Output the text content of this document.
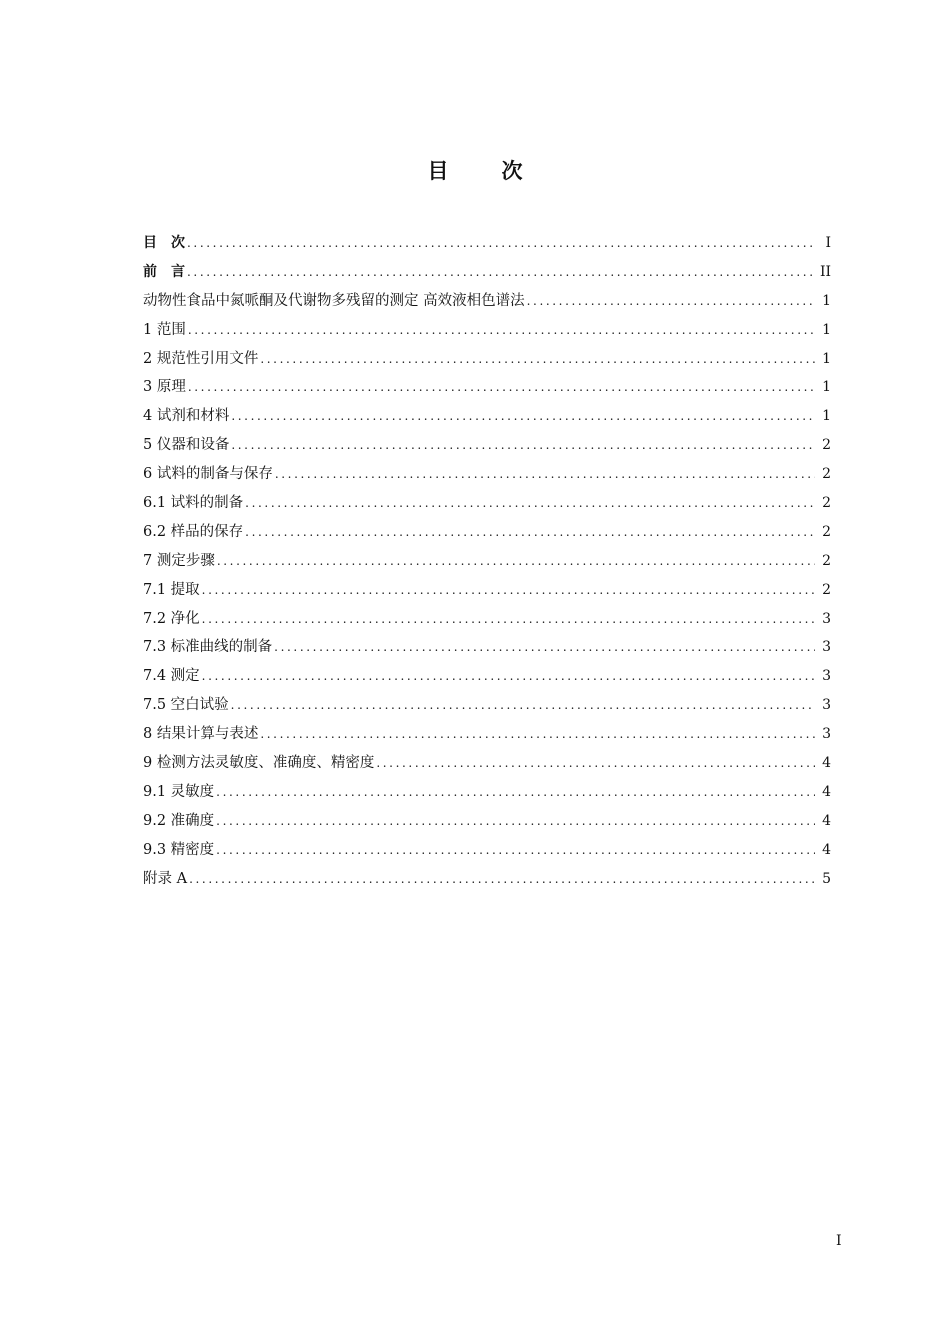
目　次
目　次 .....	I
前　言 .....	II
动物性食品中氮哌酮及代谢物多残留的测定 高效液相色谱法 .....	1
1 范围 .....	1
2 规范性引用文件 .....	1
3 原理 .....	1
4 试剂和材料 .....	1
5 仪器和设备 .....	2
6 试料的制备与保存 .....	2
6.1 试料的制备 .....	2
6.2 样品的保存 .....	2
7 测定步骤 .....	2
7.1 提取 .....	2
7.2 净化 .....	3
7.3 标准曲线的制备 .....	3
7.4 测定 .....	3
7.5 空白试验 .....	3
8 结果计算与表述 .....	3
9 检测方法灵敏度、准确度、精密度 .....	4
9.1 灵敏度 .....	4
9.2 准确度 .....	4
9.3 精密度 .....	4
附录 A .....	5
I
